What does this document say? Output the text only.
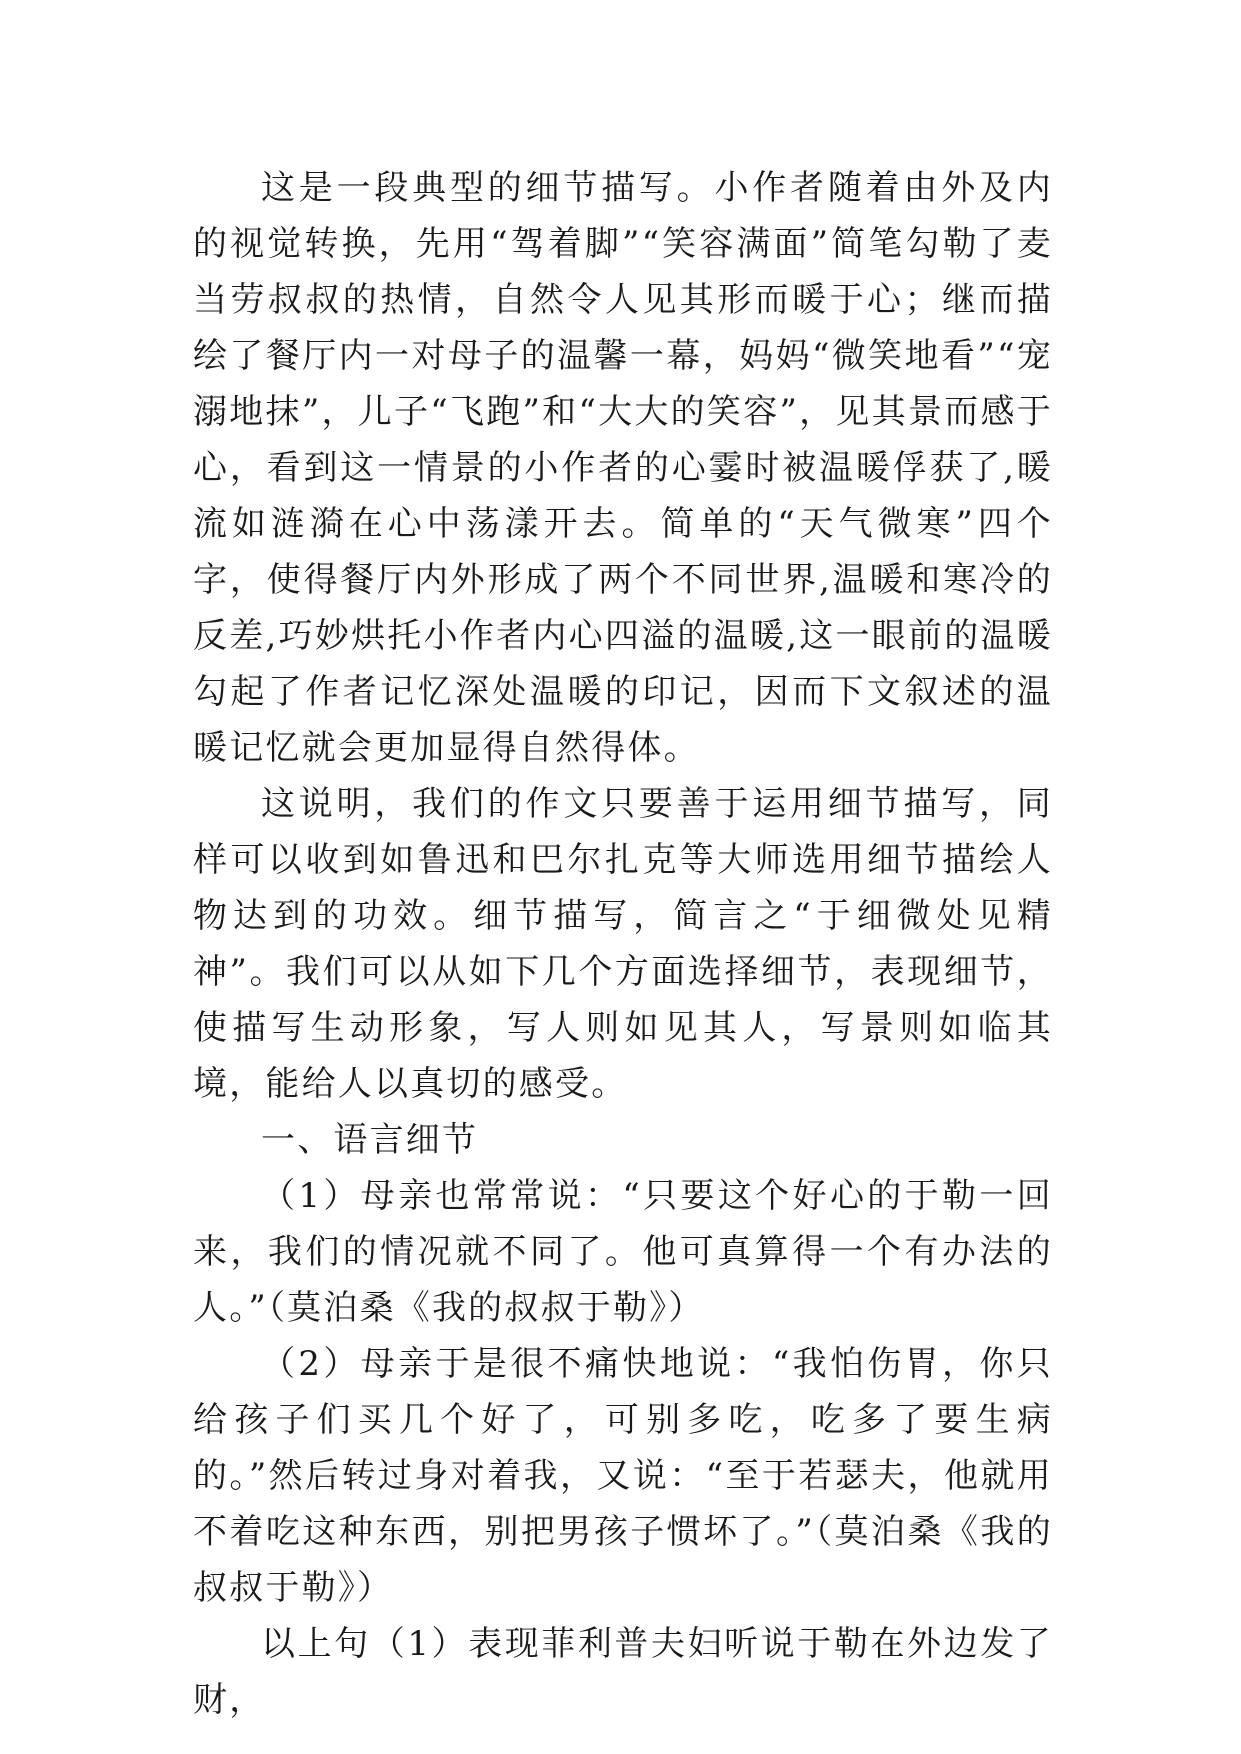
这是一段典型的细节描写。小作者随着由外及内的视觉转换，先用“驾着脚”“笑容满面”简笔勾勒了麦当劳叔叔的热情，自然令人见其形而暖于心；继而描绘了餐厅内一对母子的温馨一幕，妈妈“微笑地看”“宠溺地抹”，儿子“飞跑”和“大大的笑容”，见其景而感于心，看到这一情景的小作者的心霎时被温暖俘获了,暖流如涟漪在心中荡漾开去。简单的“天气微寒”四个字，使得餐厅内外形成了两个不同世界,温暖和寒冷的反差,巧妙烘托小作者内心四溢的温暖,这一眼前的温暖勾起了作者记忆深处温暖的印记，因而下文叙述的温暖记忆就会更加显得自然得体。

这说明，我们的作文只要善于运用细节描写，同样可以收到如鲁迅和巴尔扎克等大师选用细节描绘人物达到的功效。细节描写，简言之“于细微处见精神”。我们可以从如下几个方面选择细节，表现细节，使描写生动形象，写人则如见其人，写景则如临其境，能给人以真切的感受。

一、语言细节

（1）母亲也常常说：“只要这个好心的于勒一回来，我们的情况就不同了。他可真算得一个有办法的人。”（莫泊桑《我的叔叔于勒》）

（2）母亲于是很不痛快地说：“我怕伤胃，你只给孩子们买几个好了，可别多吃，吃多了要生病的。”然后转过身对着我，又说：“至于若瑟夫，他就用不着吃这种东西，别把男孩子惯坏了。”（莫泊桑《我的叔叔于勒》）

以上句（1）表现菲利普夫妇听说于勒在外边发了财，
